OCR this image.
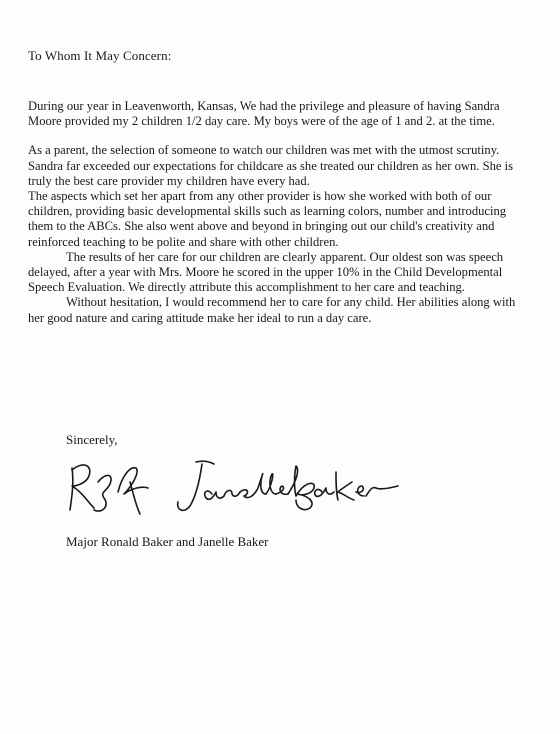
To Whom It May Concern:

During our year in Leavenworth, Kansas, We had the privilege and pleasure of having Sandra Moore provided my 2 children 1/2 day care. My boys were of the age of 1 and 2. at the time.

As a parent, the selection of someone to watch our children was met with the utmost scrutiny. Sandra far exceeded our expectations for childcare as she treated our children as her own. She is truly the best care provider my children have every had.

The aspects which set her apart from any other provider is how she worked with both of our children, providing basic developmental skills such as learning colors, number and introducing them to the ABCs. She also went above and beyond in bringing out our child's creativity and reinforced teaching to be polite and share with other children.

The results of her care for our children are clearly apparent. Our oldest son was speech delayed, after a year with Mrs. Moore he scored in the upper 10% in the Child Developmental Speech Evaluation. We directly attribute this accomplishment to her care and teaching.

Without hesitation, I would recommend her to care for any child. Her abilities along with her good nature and caring attitude make her ideal to run a day care.

Sincerely,
Major Ronald Baker and Janelle Baker
